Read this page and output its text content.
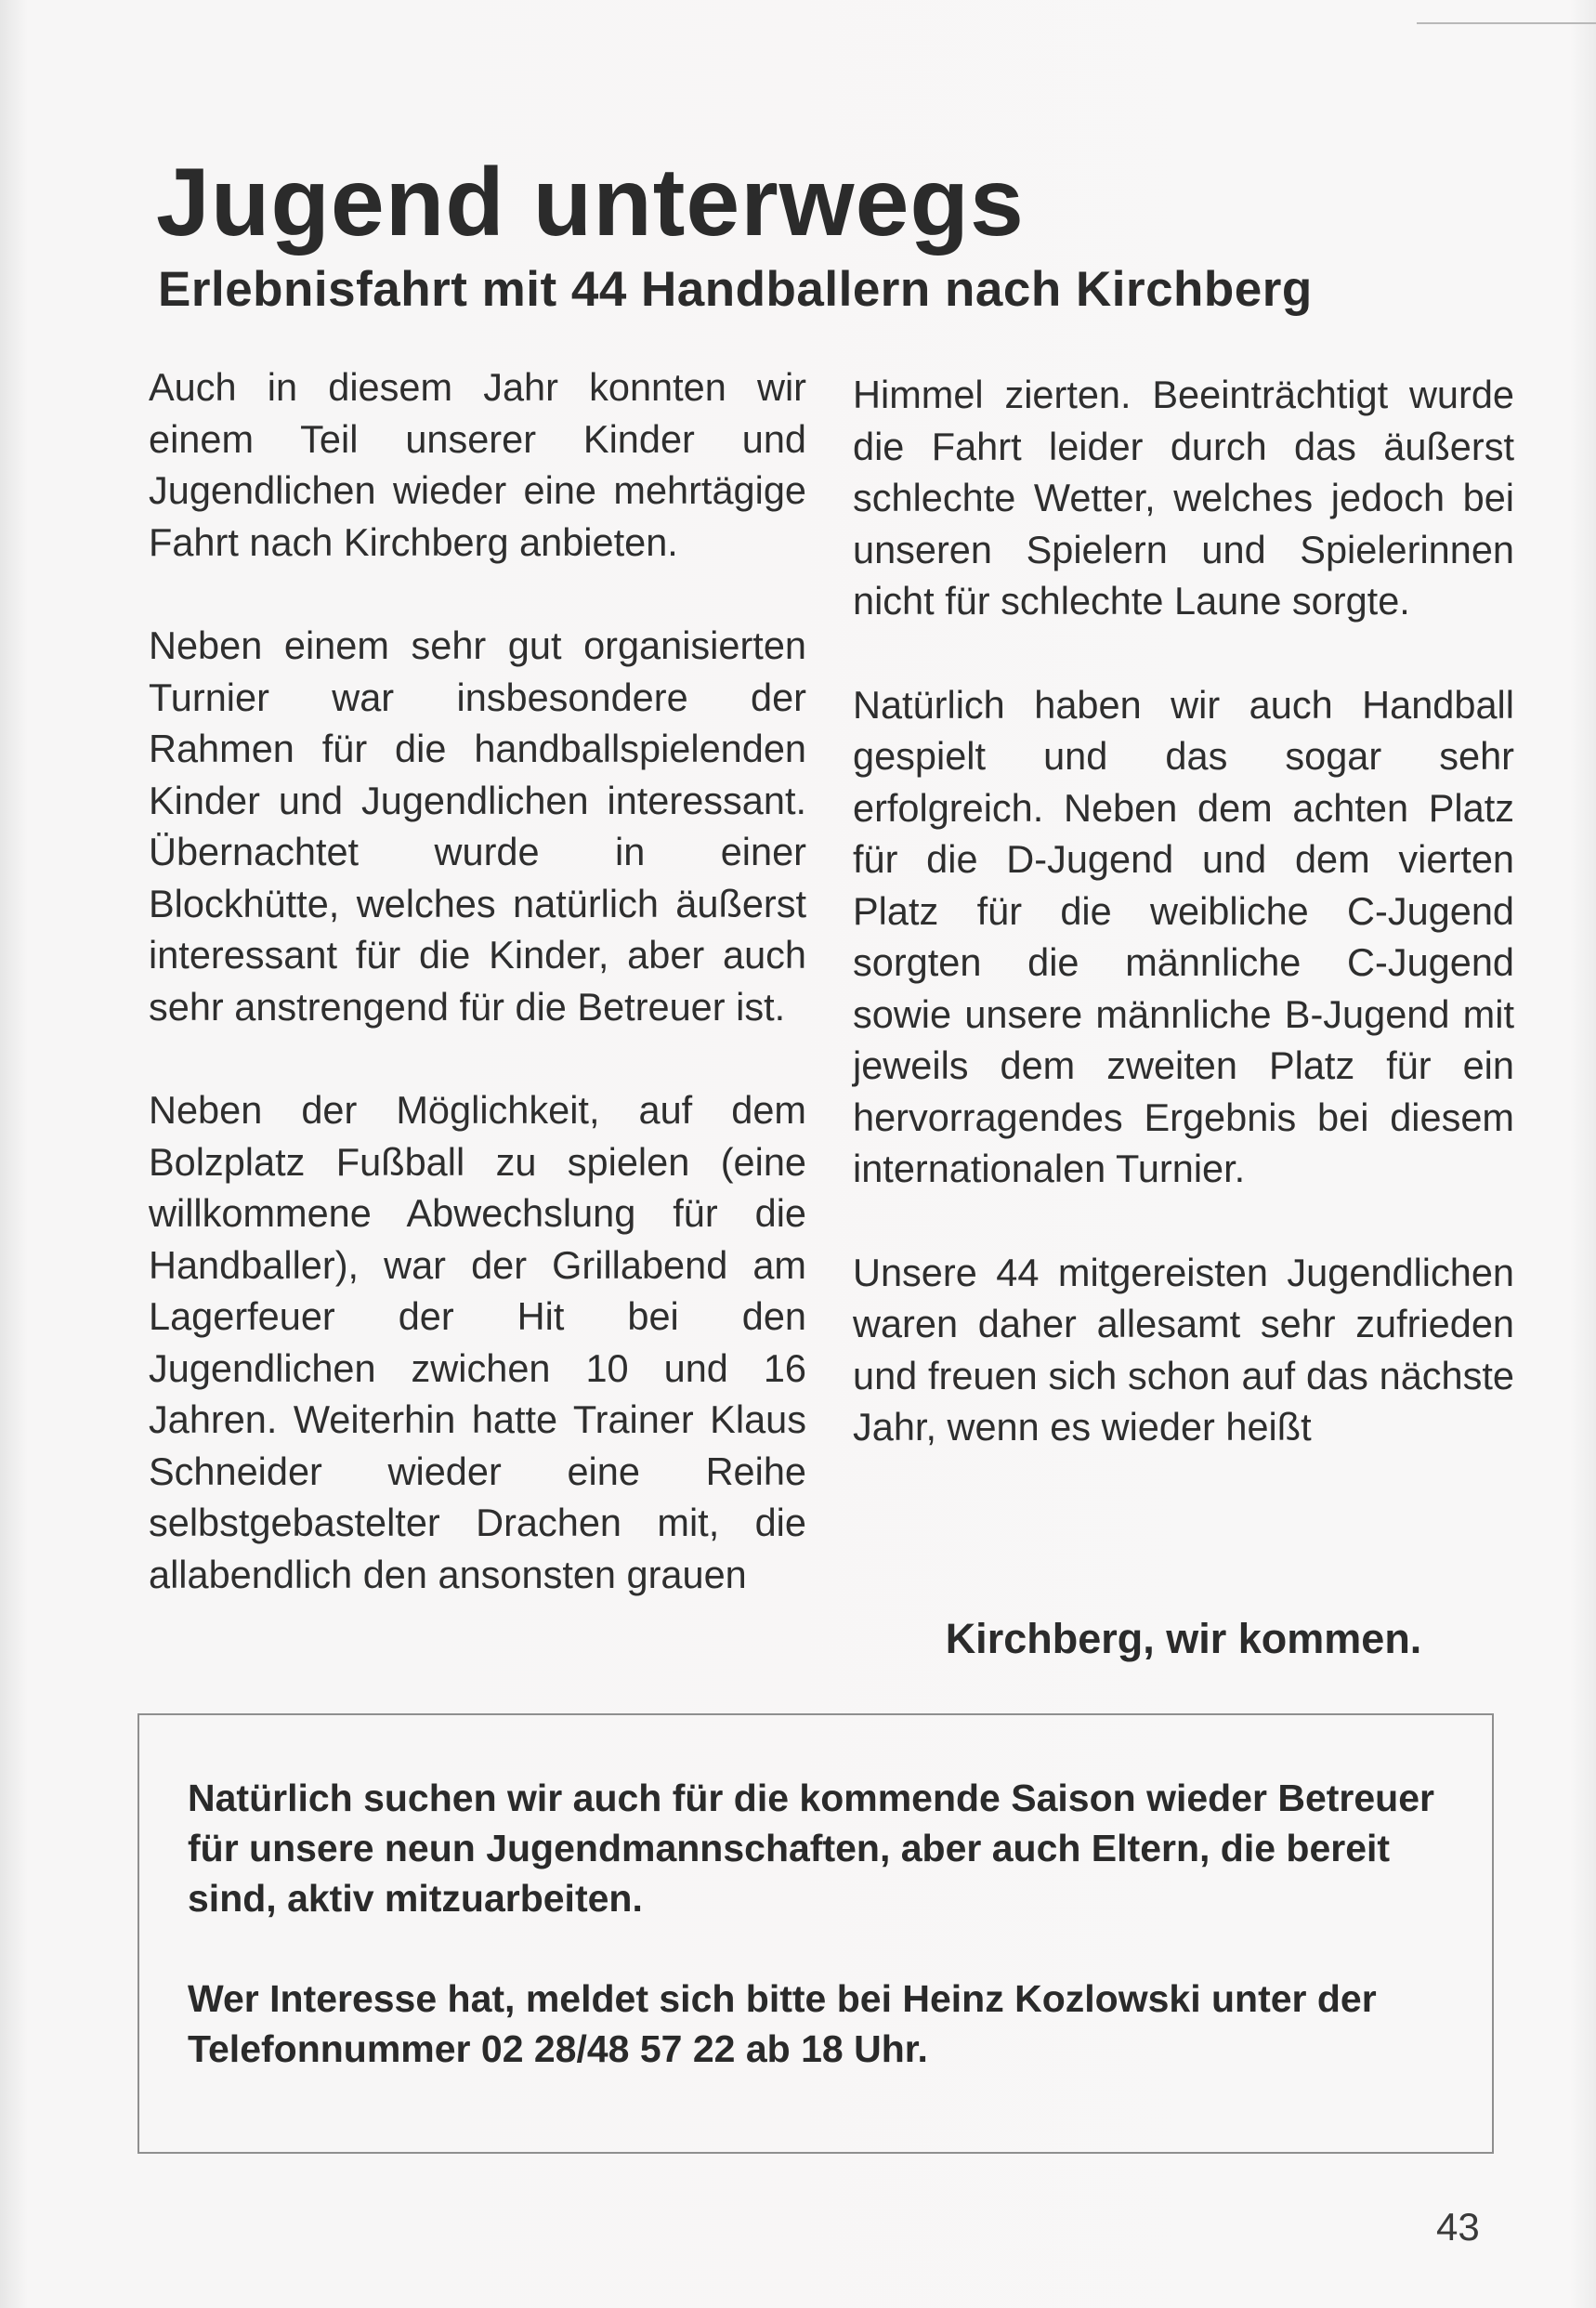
Jugend unterwegs
Erlebnisfahrt mit 44 Handballern nach Kirchberg

Auch in diesem Jahr konnten wir einem Teil unserer Kinder und Jugendlichen wieder eine mehrtägige Fahrt nach Kirchberg anbieten.

Neben einem sehr gut organisierten Turnier war insbesondere der Rahmen für die handballspielenden Kinder und Jugendlichen interessant. Übernachtet wurde in einer Blockhütte, welches natürlich äußerst interessant für die Kinder, aber auch sehr anstrengend für die Betreuer ist.

Neben der Möglichkeit, auf dem Bolzplatz Fußball zu spielen (eine willkommene Abwechslung für die Handballer), war der Grillabend am Lagerfeuer der Hit bei den Jugendlichen zwichen 10 und 16 Jahren. Weiterhin hatte Trainer Klaus Schneider wieder eine Reihe selbstgebastelter Drachen mit, die allabendlich den ansonsten grauen

Himmel zierten. Beeinträchtigt wurde die Fahrt leider durch das äußerst schlechte Wetter, welches jedoch bei unseren Spielern und Spielerinnen nicht für schlechte Laune sorgte.

Natürlich haben wir auch Handball gespielt und das sogar sehr erfolgreich. Neben dem achten Platz für die D-Jugend und dem vierten Platz für die weibliche C-Jugend sorgten die männliche C-Jugend sowie unsere männliche B-Jugend mit jeweils dem zweiten Platz für ein hervorragendes Ergebnis bei diesem internationalen Turnier.

Unsere 44 mitgereisten Jugendlichen waren daher allesamt sehr zufrieden und freuen sich schon auf das nächste Jahr, wenn es wieder heißt

Kirchberg, wir kommen.

Natürlich suchen wir auch für die kommende Saison wieder Betreuer für unsere neun Jugendmannschaften, aber auch Eltern, die bereit sind, aktiv mitzuarbeiten.

Wer Interesse hat, meldet sich bitte bei Heinz Kozlowski unter der Telefonnummer 02 28/48 57 22 ab 18 Uhr.

43
